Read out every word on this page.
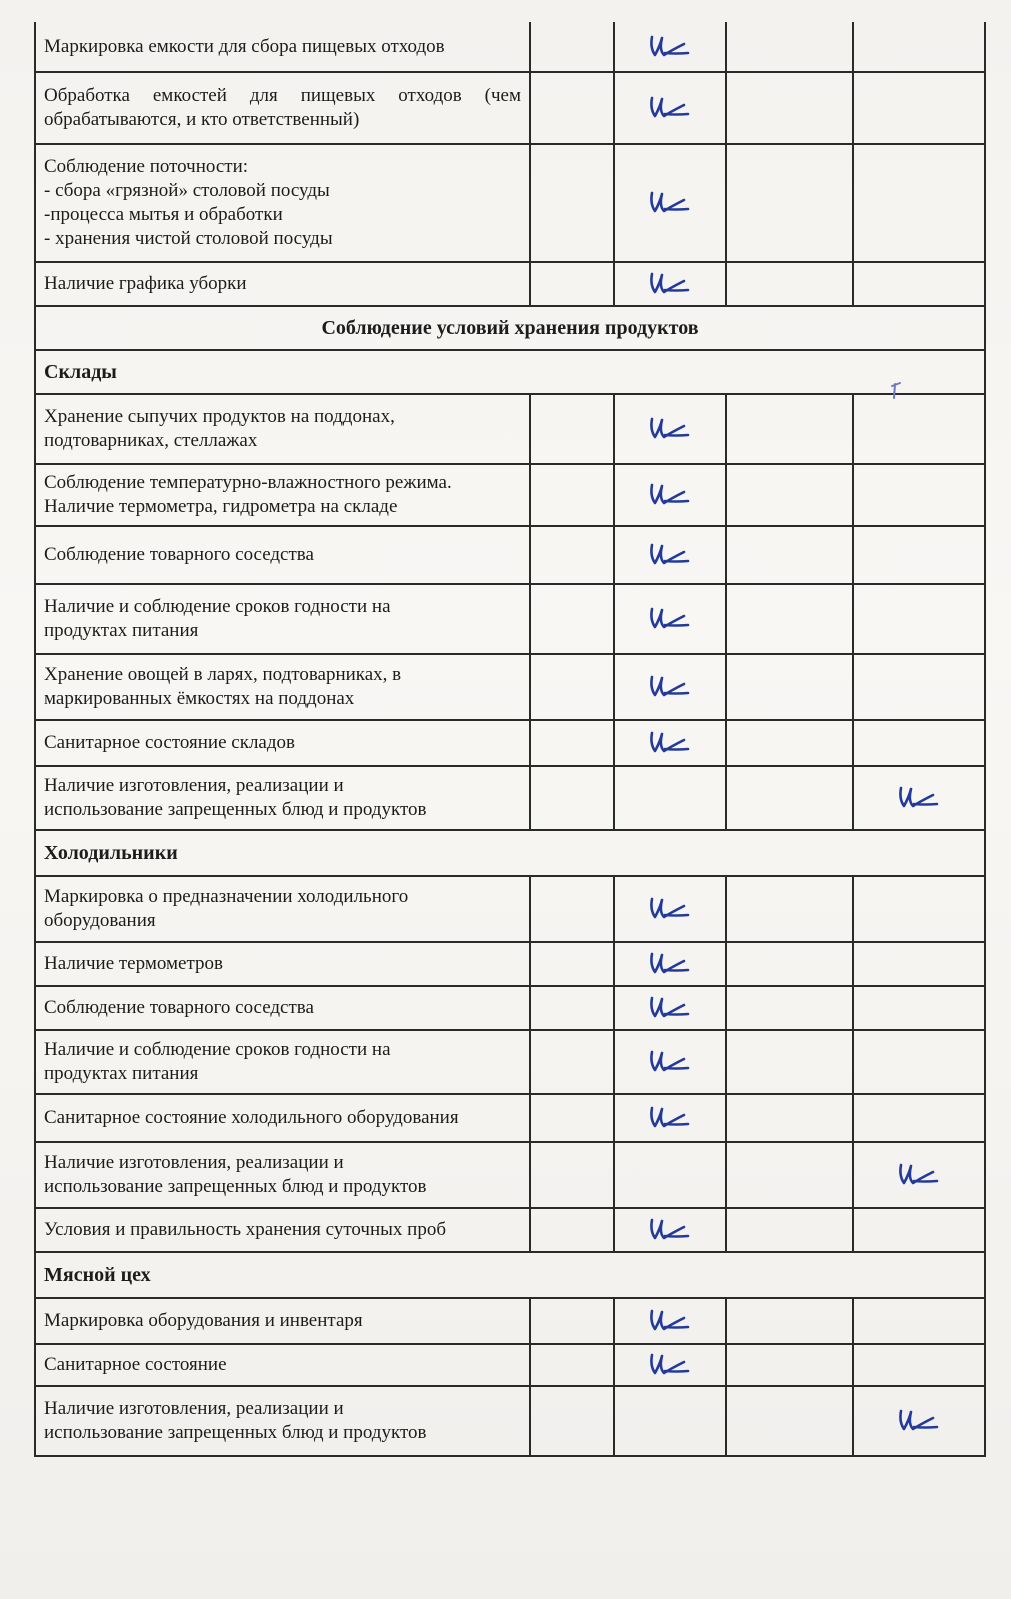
Маркировка емкости для сбора пищевых отходов

Обработка емкостей для пищевых отходов (чем обрабатываются, и кто ответственный)

Соблюдение поточности:
- сбора «грязной» столовой посуды
-процесса мытья и обработки
- хранения чистой столовой посуды

Наличие графика уборки

Соблюдение условий хранения продуктов				
Склады				

Хранение сыпучих продуктов на поддонах,
подтоварниках, стеллажах

Соблюдение температурно-влажностного режима.
Наличие термометра, гидрометра на складе

Соблюдение товарного соседства

Наличие и соблюдение сроков годности на
продуктах питания

Хранение овощей в ларях, подтоварниках, в
маркированных ёмкостях на поддонах

Санитарное состояние складов

Наличие изготовления, реализации и
использование запрещенных блюд и продуктов

Холодильники				

Маркировка о предназначении холодильного
оборудования

Наличие термометров

Соблюдение товарного соседства

Наличие и соблюдение сроков годности на
продуктах питания

Санитарное состояние холодильного оборудования

Наличие изготовления, реализации и
использование запрещенных блюд и продуктов

Условия и правильность хранения суточных проб

Мясной цех				

Маркировка оборудования и инвентаря

Санитарное состояние

Наличие изготовления, реализации и
использование запрещенных блюд и продуктов
